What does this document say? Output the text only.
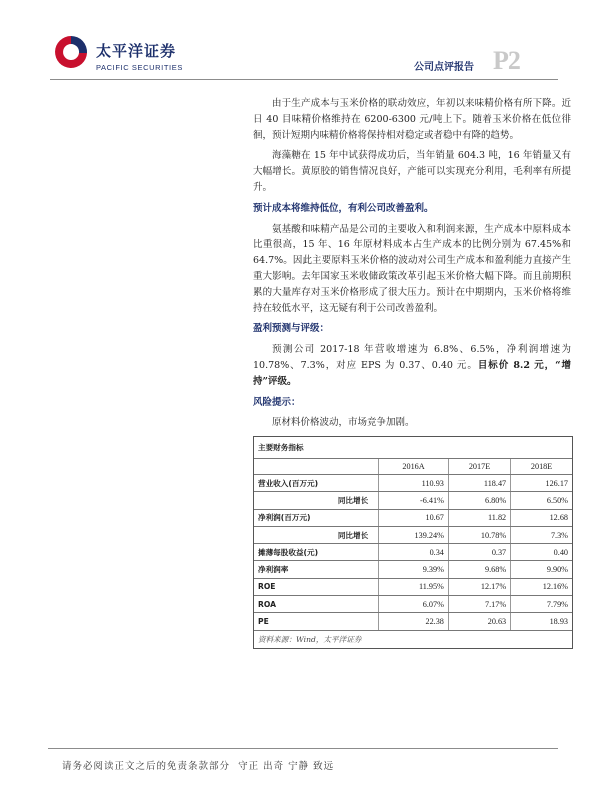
太平洋证券
PACIFIC SECURITIES	公司点评报告 P2

由于生产成本与玉米价格的联动效应，年初以来味精价格有所下降。近日 40 目味精价格维持在 6200-6300 元/吨上下。随着玉米价格在低位徘徊，预计短期内味精价格将保持相对稳定或者稳中有降的趋势。

海藻糖在 15 年中试获得成功后，当年销量 604.3 吨，16 年销量又有大幅增长。黄原胶的销售情况良好，产能可以实现充分利用，毛利率有所提升。

预计成本将维持低位，有利公司改善盈利。

氨基酸和味精产品是公司的主要收入和利润来源，生产成本中原料成本比重很高，15 年、16 年原材料成本占生产成本的比例分别为 67.45%和 64.7%。因此主要原料玉米价格的波动对公司生产成本和盈利能力直接产生重大影响。去年国家玉米收储政策改革引起玉米价格大幅下降。而且前期积累的大量库存对玉米价格形成了很大压力。预计在中期期内，玉米价格将维持在较低水平，这无疑有利于公司改善盈利。

盈利预测与评级：

预测公司 2017-18 年营收增速为 6.8%、6.5%，净利润增速为 10.78%、7.3%，对应 EPS 为 0.37、0.40 元。目标价 8.2 元，“增持”评级。

风险提示：

原材料价格波动，市场竞争加剧。

主要财务指标			
	2016A	2017E	2018E
营业收入(百万元)	110.93	118.47	126.17
同比增长	-6.41%	6.80%	6.50%
净利润(百万元)	10.67	11.82	12.68
同比增长	139.24%	10.78%	7.3%
摊薄每股收益(元)	0.34	0.37	0.40
净利润率	9.39%	9.68%	9.90%
ROE	11.95%	12.17%	12.16%
ROA	6.07%	7.17%	7.79%
PE	22.38	20.63	18.93
资料来源：Wind，太平洋证券			
请务必阅读正文之后的免责条款部分 守正 出奇 宁静 致远
